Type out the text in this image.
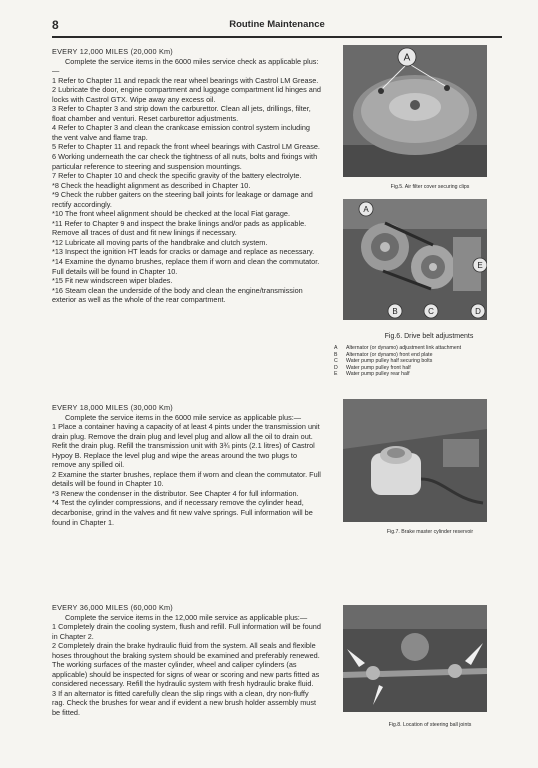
8	Routine Maintenance

EVERY 12,000 MILES (20,000 Km)

Complete the service items in the 6000 miles service check as applicable plus:—

1 Refer to Chapter 11 and repack the rear wheel bearings with Castrol LM Grease.

2 Lubricate the door, engine compartment and luggage compartment lid hinges and locks with Castrol GTX. Wipe away any excess oil.

3 Refer to Chapter 3 and strip down the carburettor. Clean all jets, drillings, filter, float chamber and venturi. Reset carburettor adjustments.

4 Refer to Chapter 3 and clean the crankcase emission control system including the vent valve and flame trap.

5 Refer to Chapter 11 and repack the front wheel bearings with Castrol LM Grease.

6 Working underneath the car check the tightness of all nuts, bolts and fixings with particular reference to steering and suspension mountings.

7 Refer to Chapter 10 and check the specific gravity of the battery electrolyte.

*8 Check the headlight alignment as described in Chapter 10.

*9 Check the rubber gaiters on the steering ball joints for leakage or damage and rectify accordingly.

*10 The front wheel alignment should be checked at the local Fiat garage.

*11 Refer to Chapter 9 and inspect the brake linings and/or pads as applicable. Remove all traces of dust and fit new linings if necessary.

*12 Lubricate all moving parts of the handbrake and clutch system.

*13 Inspect the ignition HT leads for cracks or damage and replace as necessary.

*14 Examine the dynamo brushes, replace them if worn and clean the commutator. Full details will be found in Chapter 10.

*15 Fit new windscreen wiper blades.

*16 Steam clean the underside of the body and clean the engine/transmission exterior as well as the whole of the rear compartment.

EVERY 18,000 MILES (30,000 Km)

Complete the service items in the 6000 mile service as applicable plus:—

1 Place a container having a capacity of at least 4 pints under the transmission unit drain plug. Remove the drain plug and level plug and allow all the oil to drain out. Refit the drain plug. Refill the transmission unit with 3¾ pints (2.1 litres) of Castrol Hypoy B. Replace the level plug and wipe the areas around the two plugs to remove any spilled oil.

2 Examine the starter brushes, replace them if worn and clean the commutator. Full details will be found in Chapter 10.

*3 Renew the condenser in the distributor. See Chapter 4 for full information.

*4 Test the cylinder compressions, and if necessary remove the cylinder head, decarbonise, grind in the valves and fit new valve springs. Full information will be found in Chapter 1.

EVERY 36,000 MILES (60,000 Km)

Complete the service items in the 12,000 mile service as applicable plus:—

1 Completely drain the cooling system, flush and refill. Full information will be found in Chapter 2.

2 Completely drain the brake hydraulic fluid from the system. All seals and flexible hoses throughout the braking system should be examined and preferably renewed. The working surfaces of the master cylinder, wheel and caliper cylinders (as applicable) should be inspected for signs of wear or scoring and new parts fitted as considered necessary. Refill the hydraulic system with fresh hydraulic brake fluid.

3 If an alternator is fitted carefully clean the slip rings with a clean, dry non-fluffy rag. Check the brushes for wear and if evident a new brush holder assembly must be fitted.

A
Fig.5. Air filter cover securing clips
A
E
B	C	D
Fig.6. Drive belt adjustments
A	Alternator (or dynamo) adjustment link attachment
B	Alternator (or dynamo) front end plate
C	Water pump pulley half securing bolts
D	Water pump pulley front half
E	Water pump pulley rear half
Fig.7. Brake master cylinder reservoir
Fig.8. Location of steering ball joints
